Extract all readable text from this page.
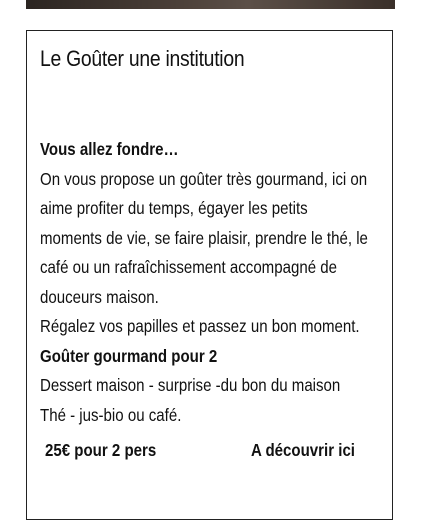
Le Goûter une institution

Vous allez fondre…

On vous propose un goûter très gourmand, ici on

aime profiter du temps, égayer les petits

moments de vie, se faire plaisir, prendre le thé, le

café ou un rafraîchissement accompagné de

douceurs maison.

Régalez vos papilles et passez un bon moment.

Goûter gourmand pour 2

Dessert maison - surprise -du bon du maison

Thé - jus-bio ou café.

25€ pour 2 pers	A découvrir ici
